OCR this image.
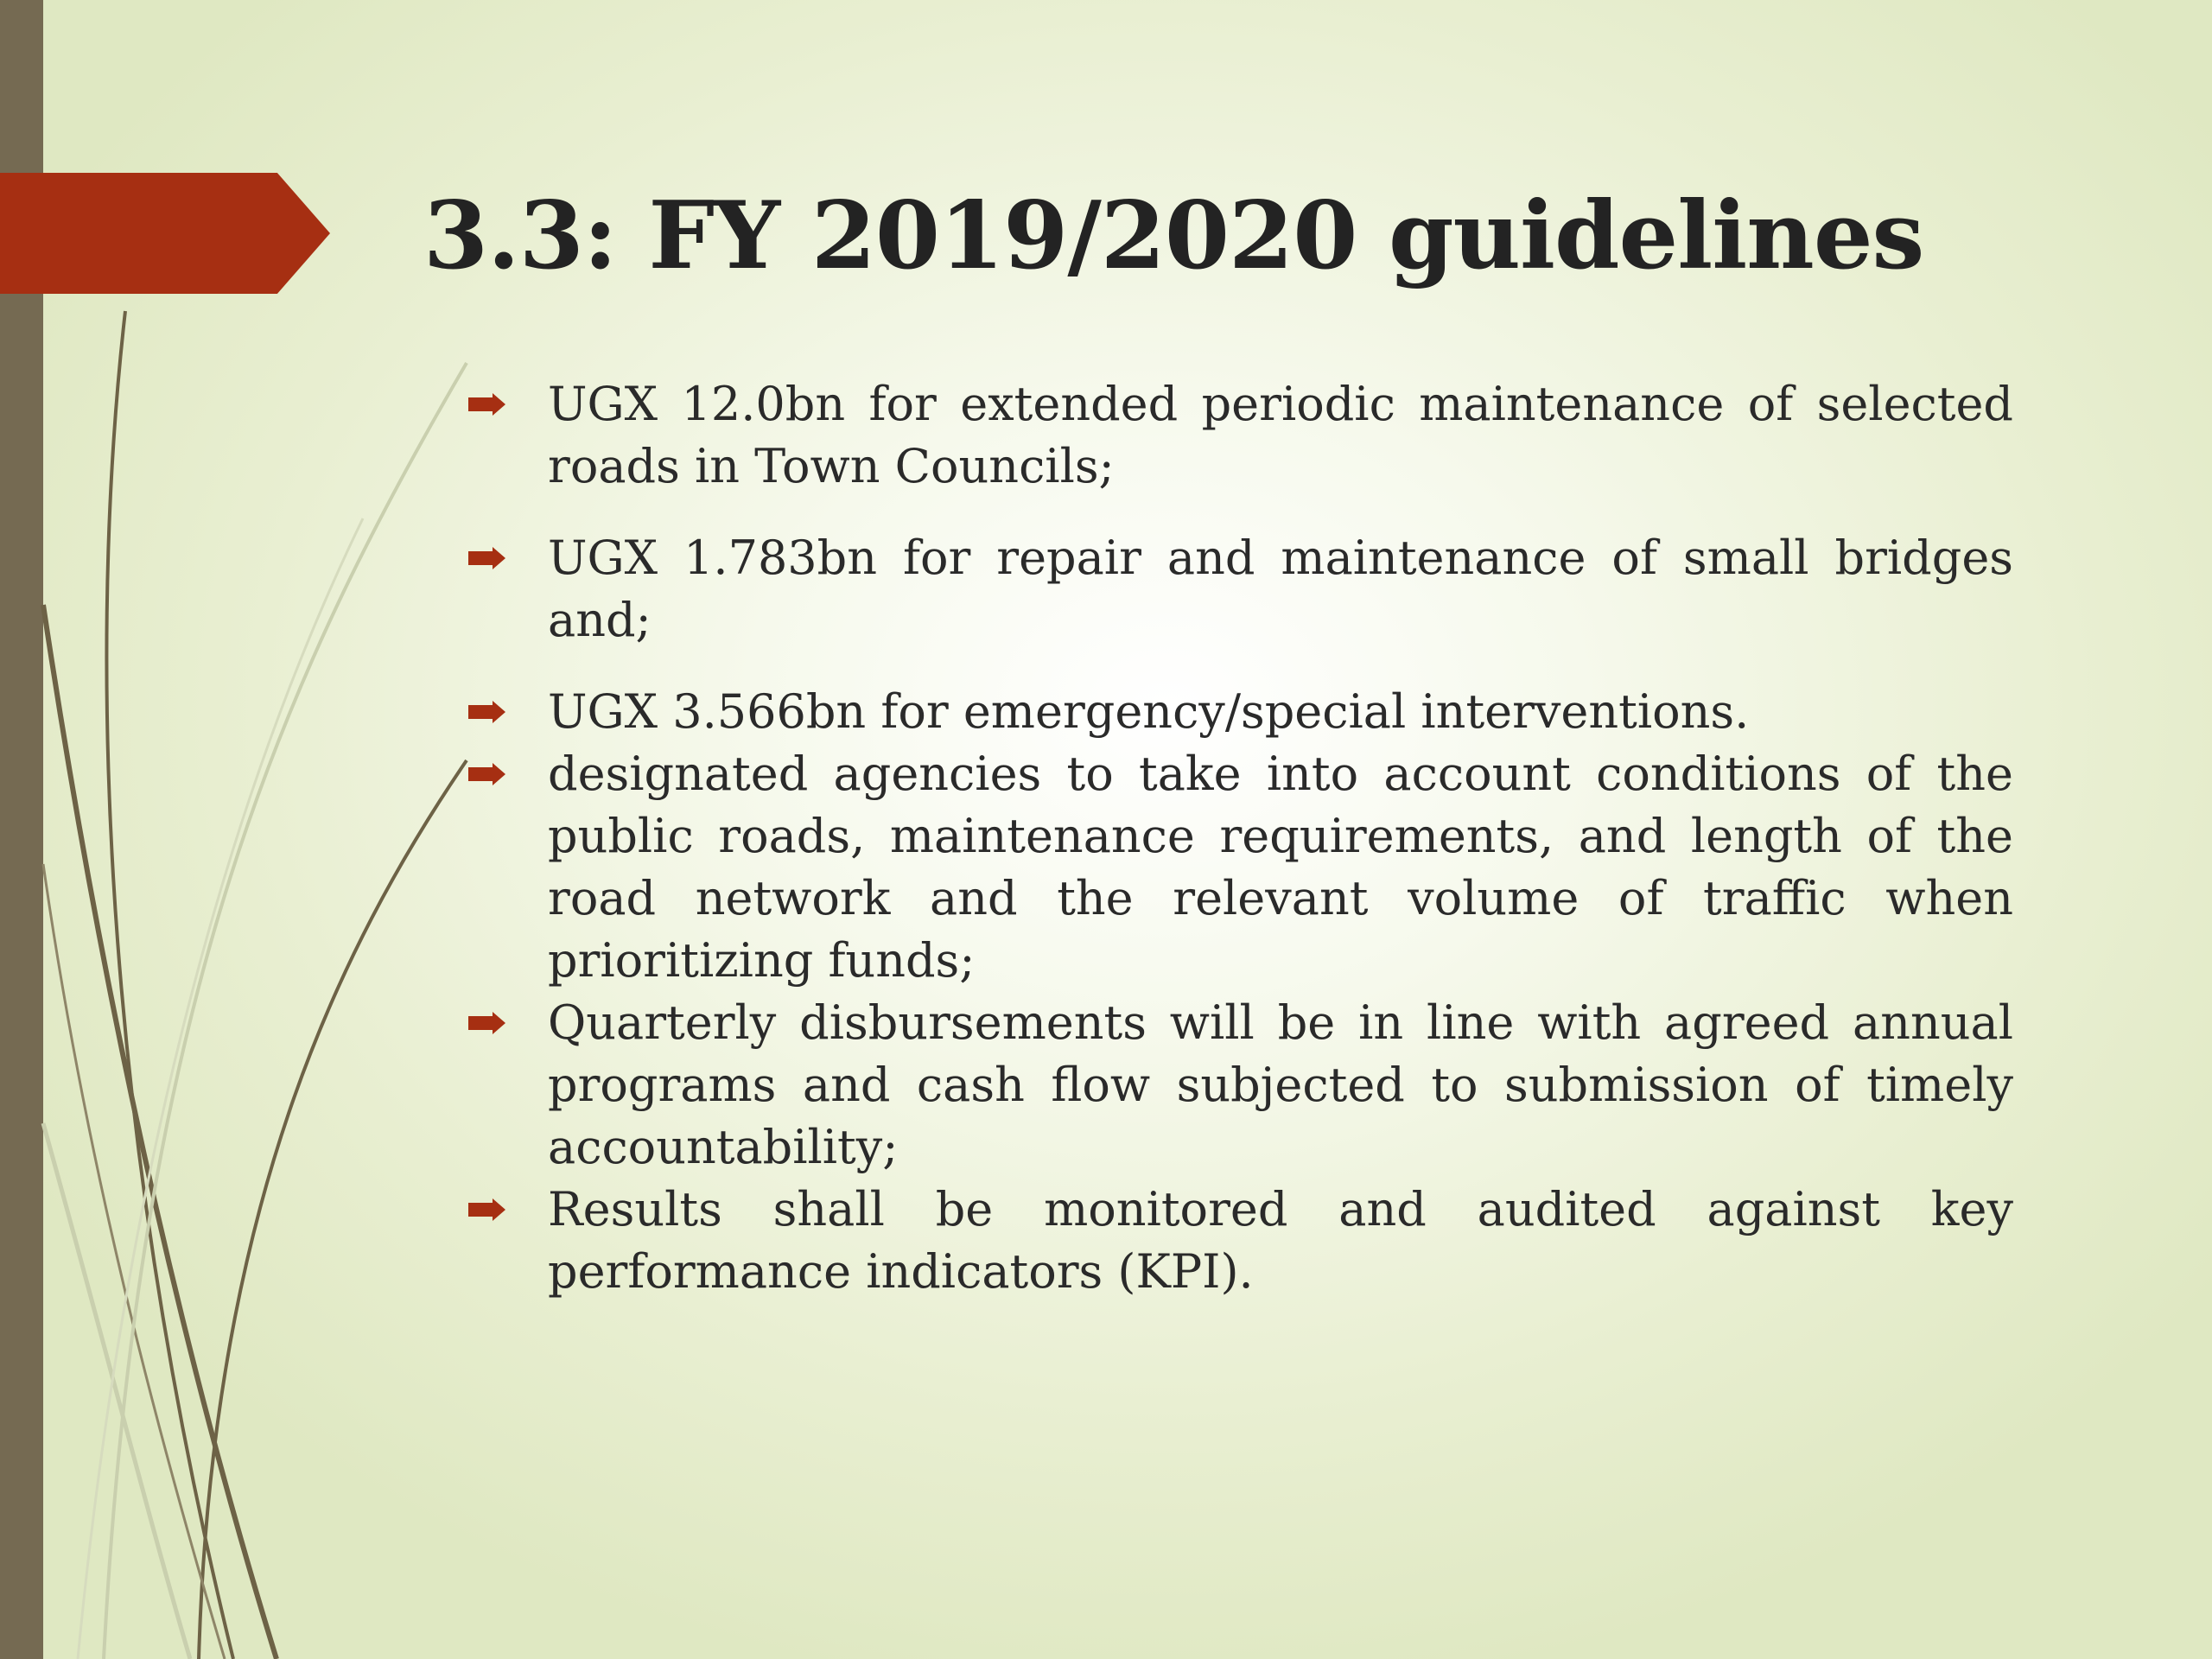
3.3: FY 2019/2020 guidelines
UGX 12.0bn for extended periodic maintenance of selected roads in Town Councils;
UGX 1.783bn for repair and maintenance of small bridges and;
UGX 3.566bn for emergency/special interventions.
designated agencies to take into account conditions of the public roads, maintenance requirements, and length of the road network and the relevant volume of traffic when prioritizing funds;
Quarterly disbursements will be in line with agreed annual programs and cash flow subjected to submission of timely accountability;
Results shall be monitored and audited against key performance indicators (KPI).
